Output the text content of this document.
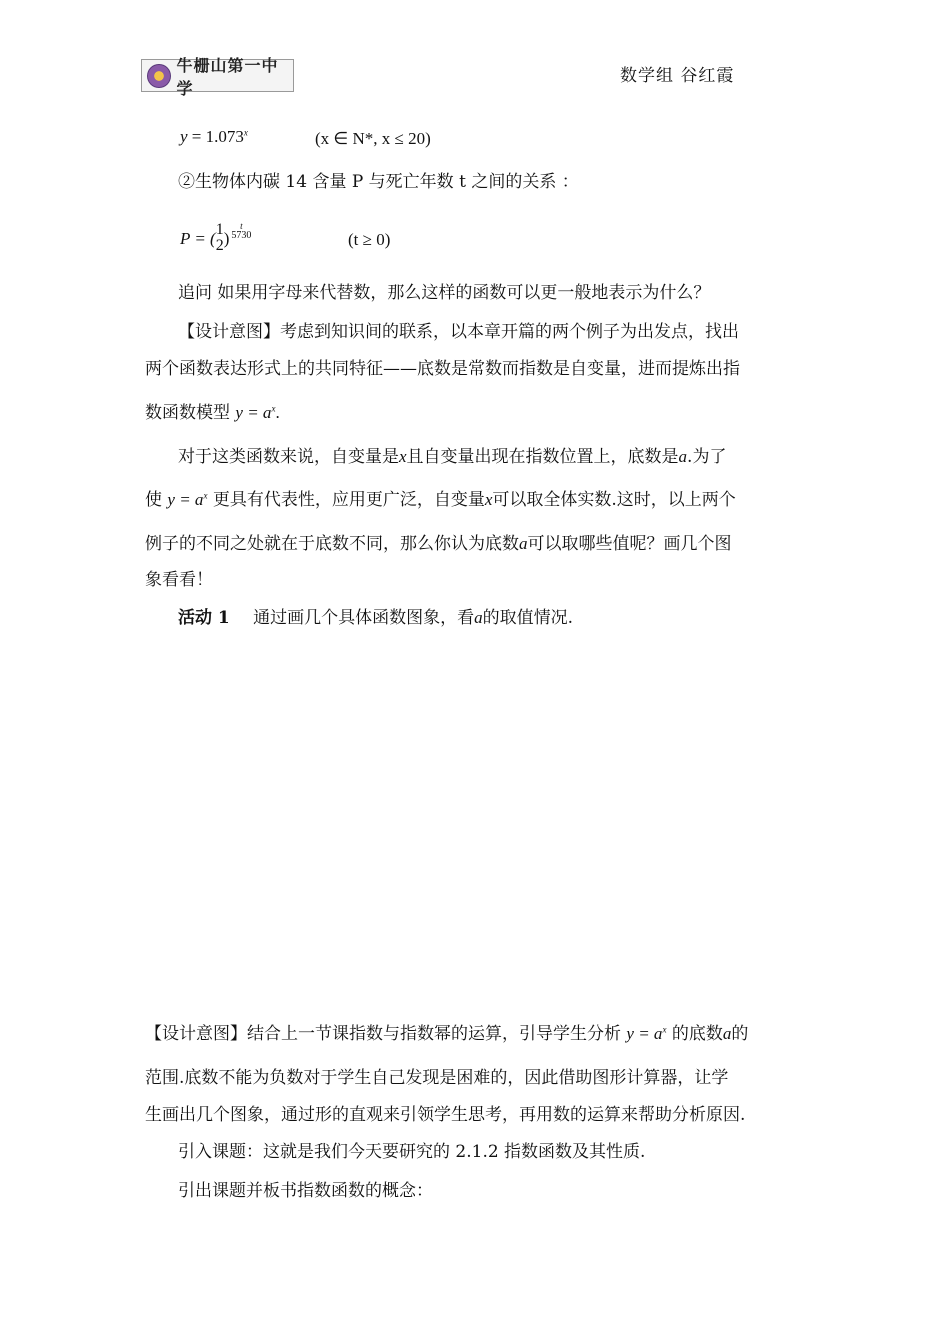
牛栅山第一中学
数学组 谷红霞
$y = 1.073^x$	(x ∈ N*, x ≤ 20)
②生物体内碳 14 含量 P 与死亡年数 t 之间的关系 ：
P = ( 1
2 )
t
5730	(t ≥ 0)
追问 如果用字母来代替数，那么这样的函数可以更一般地表示为什么？
【设计意图】考虑到知识间的联系，以本章开篇的两个例子为出发点，找出
两个函数表达形式上的共同特征——底数是常数而指数是自变量，进而提炼出指
数函数模型 $y = a^x$.
对于这类函数来说，自变量是x且自变量出现在指数位置上，底数是a.为了
使 $y = a^x$ 更具有代表性，应用更广泛，自变量x可以取全体实数.这时，以上两个
例子的不同之处就在于底数不同，那么你认为底数a可以取哪些值呢？画几个图
象看看！
活动 1 通过画几个具体函数图象，看a的取值情况.
【设计意图】结合上一节课指数与指数幂的运算，引导学生分析 $y = a^x$ 的底数a的
范围.底数不能为负数对于学生自己发现是困难的，因此借助图形计算器，让学
生画出几个图象，通过形的直观来引领学生思考，再用数的运算来帮助分析原因.
引入课题：这就是我们今天要研究的 2.1.2 指数函数及其性质.
引出课题并板书指数函数的概念：
